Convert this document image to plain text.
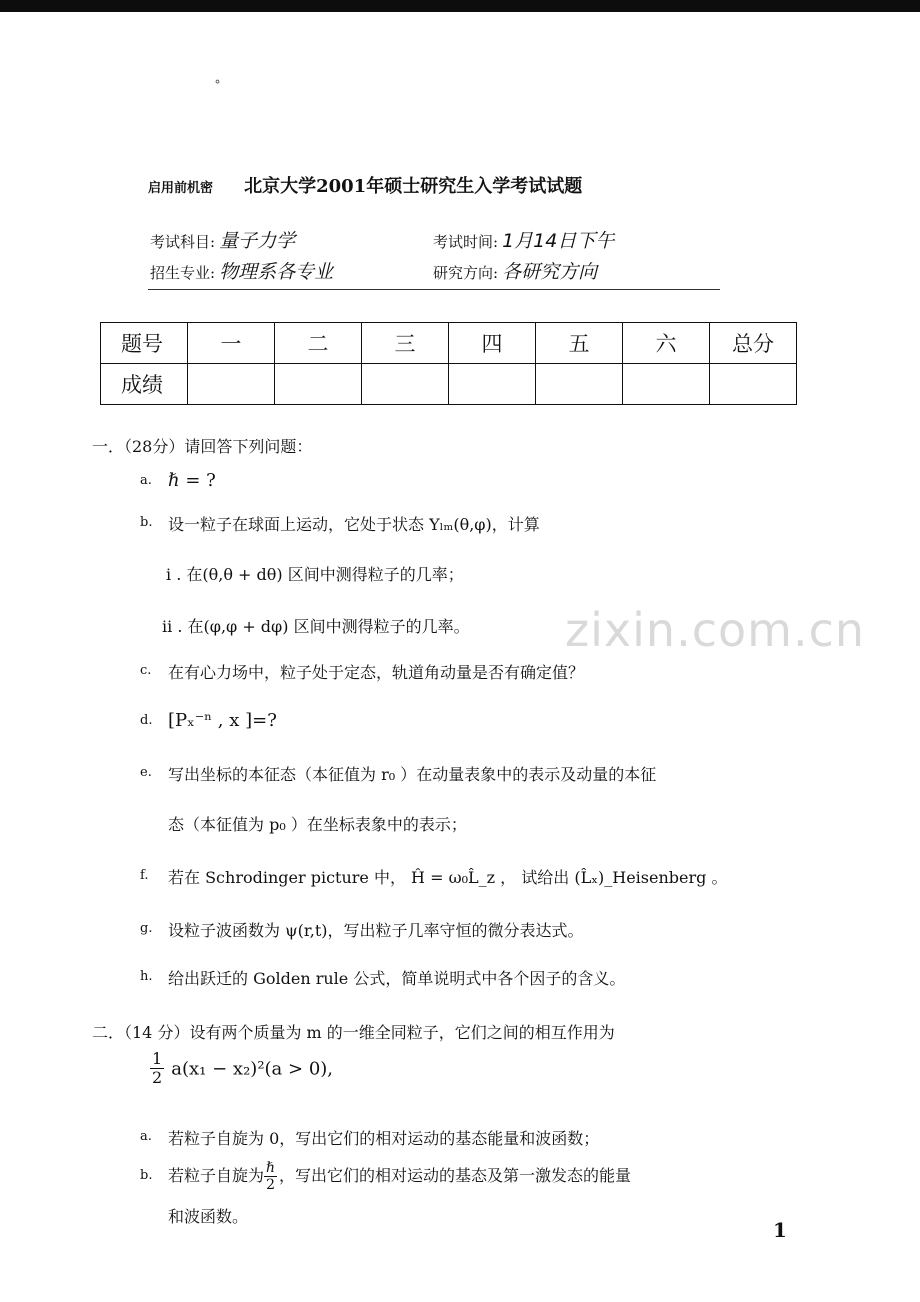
˚
启用前机密 北京大学2001年硕士研究生入学考试试题
考试科目: 量子力学	考试时间: 1月14日下午
招生专业: 物理系各专业	研究方向: 各研究方向
题号	一	二	三	四	五	六	总分
成绩							
一．（28分）请回答下列问题：
a. ℏ = ?
b. 设一粒子在球面上运动，它处于状态 Yₗₘ(θ,φ)，计算
i . 在(θ,θ + dθ) 区间中测得粒子的几率；
ii . 在(φ,φ + dφ) 区间中测得粒子的几率。 zixin.com.cn
c. 在有心力场中，粒子处于定态，轨道角动量是否有确定值？
d. [Pₓ⁻ⁿ , x ]=?
e. 写出坐标的本征态（本征值为 r₀ ）在动量表象中的表示及动量的本征
态（本征值为 p₀ ）在坐标表象中的表示；
f. 若在 Schrodinger picture 中， Ĥ = ω₀L̂_z ， 试给出 (L̂ₓ)_Heisenberg 。
g. 设粒子波函数为 ψ(r,t)，写出粒子几率守恒的微分表达式。
h. 给出跃迁的 Golden rule 公式，简单说明式中各个因子的含义。
二．（14 分）设有两个质量为 m 的一维全同粒子，它们之间的相互作用为
$\frac{1}{2} a(x_1 - x_2)^2(a > 0)$,
a. 若粒子自旋为 0，写出它们的相对运动的基态能量和波函数；
b. 若粒子自旋为 $\frac{\text{ℏ}}{2}$ ，写出它们的相对运动的基态及第一激发态的能量
和波函数。
1
